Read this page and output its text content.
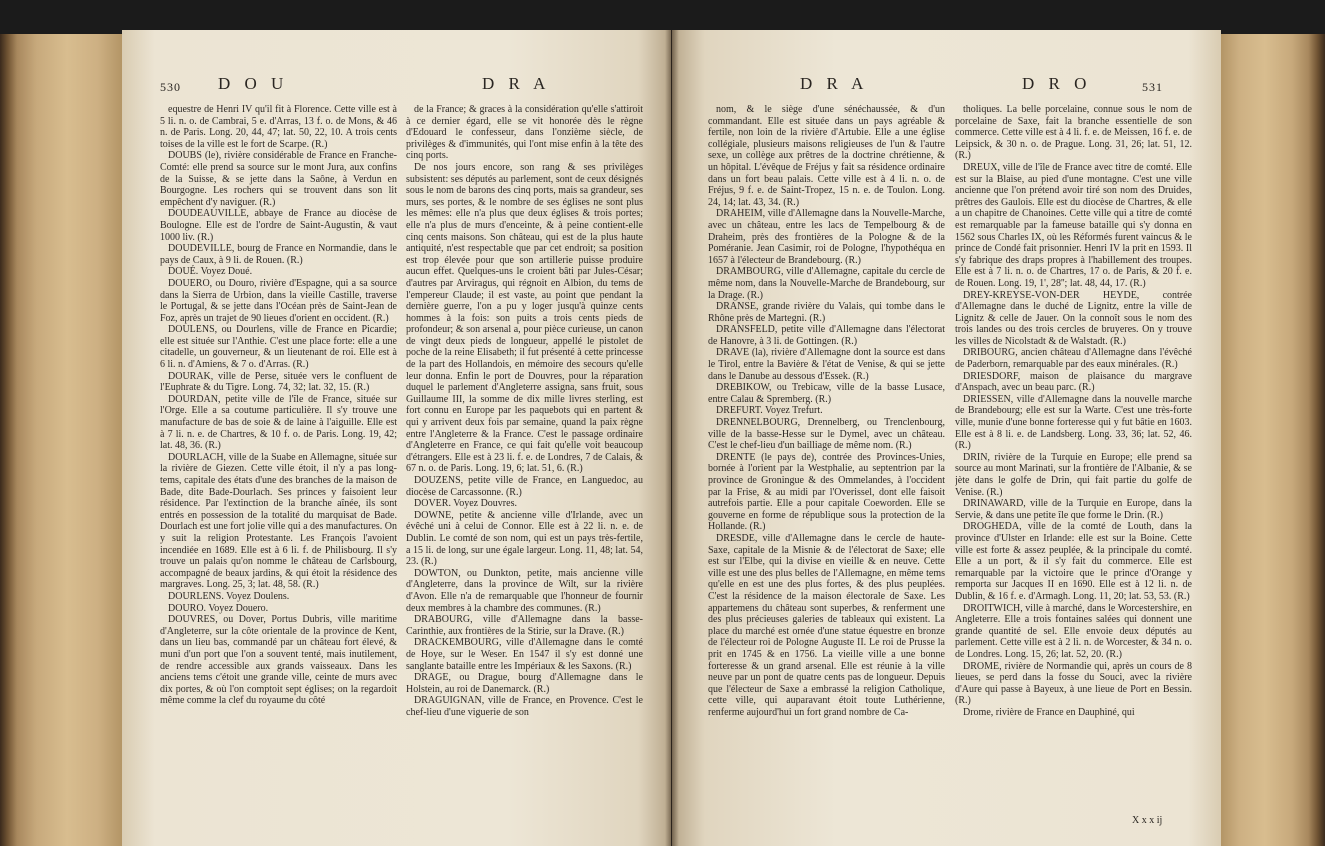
530 D O U	D R A

equestre de Henri IV qu'il fit à Florence. Cette ville est à 5 li. n. o. de Cambrai, 5 e. d'Arras, 13 f. o. de Mons, & 46 n. de Paris. Long. 20, 44, 47; lat. 50, 22, 10. A trois cents toises de la ville est le fort de Scarpe. (R.)

DOUBS (le), rivière considérable de France en Franche-Comté: elle prend sa source sur le mont Jura, aux confins de la Suisse, & se jette dans la Saône, à Verdun en Bourgogne. Les rochers qui se trouvent dans son lit empêchent d'y naviguer. (R.)

DOUDEAUVILLE, abbaye de France au diocèse de Boulogne. Elle est de l'ordre de Saint-Augustin, & vaut 1000 liv. (R.)

DOUDEVILLE, bourg de France en Normandie, dans le pays de Caux, à 9 li. de Rouen. (R.)

DOUÉ. Voyez Doué.

DOUERO, ou Douro, rivière d'Espagne, qui a sa source dans la Sierra de Urbion, dans la vieille Castille, traverse le Portugal, & se jette dans l'Océan près de Saint-Jean de Foz, après un trajet de 90 lieues d'orient en occident. (R.)

DOULENS, ou Dourlens, ville de France en Picardie; elle est située sur l'Anthie. C'est une place forte: elle a une citadelle, un gouverneur, & un lieutenant de roi. Elle est à 6 li. n. d'Amiens, & 7 o. d'Arras. (R.)

DOURAK, ville de Perse, située vers le confluent de l'Euphrate & du Tigre. Long. 74, 32; lat. 32, 15. (R.)

DOURDAN, petite ville de l'île de France, située sur l'Orge. Elle a sa coutume particulière. Il s'y trouve une manufacture de bas de soie & de laine à l'aiguille. Elle est à 7 li. n. e. de Chartres, & 10 f. o. de Paris. Long. 19, 42; lat. 48, 36. (R.)

DOURLACH, ville de la Suabe en Allemagne, située sur la rivière de Giezen. Cette ville étoit, il n'y a pas long-tems, capitale des états d'une des branches de la maison de Bade, dite Bade-Dourlach. Ses princes y faisoient leur résidence. Par l'extinction de la branche aînée, ils sont entrés en possession de la totalité du marquisat de Bade. Dourlach est une fort jolie ville qui a des manufactures. On y suit la religion Protestante. Les François l'avoient incendiée en 1689. Elle est à 6 li. f. de Philisbourg. Il s'y trouve un palais qu'on nomme le château de Carlsbourg, accompagné de beaux jardins, & qui étoit la résidence des margraves. Long. 25, 3; lat. 48, 58. (R.)

DOURLENS. Voyez Doulens.

DOURO. Voyez Douero.

DOUVRES, ou Dover, Portus Dubris, ville maritime d'Angleterre, sur la côte orientale de la province de Kent, dans un lieu bas, commandé par un château fort élevé, & muni d'un port que l'on a souvent tenté, mais inutilement, de rendre accessible aux grands vaisseaux. Dans les anciens tems c'étoit une grande ville, ceinte de murs avec dix portes, & où l'on comptoit sept églises; on la regardoit même comme la clef du royaume du côté

de la France; & graces à la considération qu'elle s'attiroit à ce dernier égard, elle se vit honorée dès le règne d'Edouard le confesseur, dans l'onzième siècle, de privilèges & d'immunités, qui l'ont mise enfin à la tête des cinq ports.

De nos jours encore, son rang & ses privilèges subsistent: ses députés au parlement, sont de ceux désignés sous le nom de barons des cinq ports, mais sa grandeur, ses murs, ses portes, & le nombre de ses églises ne sont plus les mêmes: elle n'a plus que deux églises & trois portes; elle n'a plus de murs d'enceinte, & à peine contient-elle cinq cents maisons. Son château, qui est de la plus haute antiquité, n'est respectable que par cet endroit; sa position est trop élevée pour que son artillerie puisse produire aucun effet. Quelques-uns le croient bâti par Jules-César; d'autres par Arviragus, qui régnoit en Albion, du tems de l'empereur Claude; il est vaste, au point que pendant la dernière guerre, l'on a pu y loger jusqu'à quinze cents hommes à la fois: son puits a trois cents pieds de profondeur; & son arsenal a, pour pièce curieuse, un canon de vingt deux pieds de longueur, appellé le pistolet de poche de la reine Elisabeth; il fut présenté à cette princesse de la part des Hollandois, en mémoire des secours qu'elle leur donna. Enfin le port de Douvres, pour la réparation duquel le parlement d'Angleterre assigna, sans fruit, sous Guillaume III, la somme de dix mille livres sterling, est fort connu en Europe par les paquebots qui en partent & qui y arrivent deux fois par semaine, quand la paix règne entre l'Angleterre & la France. C'est le passage ordinaire d'Angleterre en France, ce qui fait qu'elle voit beaucoup d'étrangers. Elle est à 23 li. f. e. de Londres, 7 de Calais, & 67 n. o. de Paris. Long. 19, 6; lat. 51, 6. (R.)

DOUZENS, petite ville de France, en Languedoc, au diocèse de Carcassonne. (R.)

DOVER. Voyez Douvres.

DOWNE, petite & ancienne ville d'Irlande, avec un évêché uni à celui de Connor. Elle est à 22 li. n. e. de Dublin. Le comté de son nom, qui est un pays très-fertile, a 15 li. de long, sur une égale largeur. Long. 11, 48; lat. 54, 23. (R.)

DOWTON, ou Dunkton, petite, mais ancienne ville d'Angleterre, dans la province de Wilt, sur la rivière d'Avon. Elle n'a de remarquable que l'honneur de fournir deux membres à la chambre des communes. (R.)

DRABOURG, ville d'Allemagne dans la basse-Carinthie, aux frontières de la Stirie, sur la Drave. (R.)

DRACKEMBOURG, ville d'Allemagne dans le comté de Hoye, sur le Weser. En 1547 il s'y est donné une sanglante bataille entre les Impériaux & les Saxons. (R.)

DRAGE, ou Drague, bourg d'Allemagne dans le Holstein, au roi de Danemarck. (R.)

DRAGUIGNAN, ville de France, en Provence. C'est le chef-lieu d'une viguerie de son

D R A	D R O	531

nom, & le siège d'une sénéchaussée, & d'un commandant. Elle est située dans un pays agréable & fertile, non loin de la rivière d'Artubie. Elle a une église collégiale, plusieurs maisons religieuses de l'un & l'autre sexe, un collège aux prêtres de la doctrine chrétienne, & un hôpital. L'évêque de Fréjus y fait sa résidence ordinaire dans un fort beau palais. Cette ville est à 4 li. n. o. de Fréjus, 9 f. e. de Saint-Tropez, 15 n. e. de Toulon. Long. 24, 14; lat. 43, 34. (R.)

DRAHEIM, ville d'Allemagne dans la Nouvelle-Marche, avec un château, entre les lacs de Tempelbourg & de Draheim, près des frontières de la Pologne & de la Poméranie. Jean Casimir, roi de Pologne, l'hypothéqua en 1657 à l'électeur de Brandebourg. (R.)

DRAMBOURG, ville d'Allemagne, capitale du cercle de même nom, dans la Nouvelle-Marche de Brandebourg, sur la Drage. (R.)

DRANSE, grande rivière du Valais, qui tombe dans le Rhône près de Martegni. (R.)

DRANSFELD, petite ville d'Allemagne dans l'électorat de Hanovre, à 3 li. de Gottingen. (R.)

DRAVE (la), rivière d'Allemagne dont la source est dans le Tirol, entre la Bavière & l'état de Venise, & qui se jette dans le Danube au dessous d'Essek. (R.)

DREBIKOW, ou Trebicaw, ville de la basse Lusace, entre Calau & Spremberg. (R.)

DREFURT. Voyez Trefurt.

DRENNELBOURG, Drennelberg, ou Trenclenbourg, ville de la basse-Hesse sur le Dymel, avec un château. C'est le chef-lieu d'un bailliage de même nom. (R.)

DRENTE (le pays de), contrée des Provinces-Unies, bornée à l'orient par la Westphalie, au septentrion par la province de Groningue & des Ommelandes, à l'occident par la Frise, & au midi par l'Overissel, dont elle faisoit autrefois partie. Elle a pour capitale Coeworden. Elle se gouverne en forme de république sous la protection de la Hollande. (R.)

DRESDE, ville d'Allemagne dans le cercle de haute-Saxe, capitale de la Misnie & de l'électorat de Saxe; elle est sur l'Elbe, qui la divise en vieille & en neuve. Cette ville est une des plus belles de l'Allemagne, en même tems qu'elle en est une des plus fortes, & des plus peuplées. C'est la résidence de la maison électorale de Saxe. Les appartemens du château sont superbes, & renferment une des plus précieuses galeries de tableaux qui existent. La place du marché est ornée d'une statue équestre en bronze de l'électeur roi de Pologne Auguste II. Le roi de Prusse la prit en 1745 & en 1756. La vieille ville a une bonne forteresse & un grand arsenal. Elle est réunie à la ville neuve par un pont de quatre cents pas de longueur. Depuis que l'électeur de Saxe a embrassé la religion Catholique, cette ville, qui auparavant étoit toute Luthérienne, renferme aujourd'hui un fort grand nombre de Ca-

tholiques. La belle porcelaine, connue sous le nom de porcelaine de Saxe, fait la branche essentielle de son commerce. Cette ville est à 4 li. f. e. de Meissen, 16 f. e. de Leipsick, & 30 n. o. de Prague. Long. 31, 26; lat. 51, 12. (R.)

DREUX, ville de l'île de France avec titre de comté. Elle est sur la Blaise, au pied d'une montagne. C'est une ville ancienne que l'on prétend avoir tiré son nom des Druides, prêtres des Gaulois. Elle est du diocèse de Chartres, & elle a un chapitre de Chanoines. Cette ville qui a titre de comté est remarquable par la fameuse bataille qui s'y donna en 1562 sous Charles IX, où les Réformés furent vaincus & le prince de Condé fait prisonnier. Henri IV la prit en 1593. Il s'y fabrique des draps propres à l'habillement des troupes. Elle est à 7 li. n. o. de Chartres, 17 o. de Paris, & 20 f. e. de Rouen. Long. 19, 1', 28''; lat. 48, 44, 17. (R.)

DREY-KREYSE-VON-DER HEYDE, contrée d'Allemagne dans le duché de Lignitz, entre la ville de Lignitz & celle de Jauer. On la connoît sous le nom des trois landes ou des trois cercles de bruyeres. On y trouve les villes de Nicolstadt & de Walstadt. (R.)

DRIBOURG, ancien château d'Allemagne dans l'évêché de Paderborn, remarquable par des eaux minérales. (R.)

DRIESDORF, maison de plaisance du margrave d'Anspach, avec un beau parc. (R.)

DRIESSEN, ville d'Allemagne dans la nouvelle marche de Brandebourg; elle est sur la Warte. C'est une très-forte ville, munie d'une bonne forteresse qui y fut bâtie en 1603. Elle est à 8 li. e. de Landsberg. Long. 33, 36; lat. 52, 46. (R.)

DRIN, rivière de la Turquie en Europe; elle prend sa source au mont Marinati, sur la frontière de l'Albanie, & se jète dans le golfe de Drin, qui fait partie du golfe de Venise. (R.)

DRINAWARD, ville de la Turquie en Europe, dans la Servie, & dans une petite île que forme le Drin. (R.)

DROGHEDA, ville de la comté de Louth, dans la province d'Ulster en Irlande: elle est sur la Boine. Cette ville est forte & assez peuplée, & la principale du comté. Elle a un port, & il s'y fait du commerce. Elle est remarquable par la victoire que le prince d'Orange y remporta sur Jacques II en 1690. Elle est à 12 li. n. de Dublin, & 16 f. e. d'Armagh. Long. 11, 20; lat. 53, 53. (R.)

DROITWICH, ville à marché, dans le Worcestershire, en Angleterre. Elle a trois fontaines salées qui donnent une grande quantité de sel. Elle envoie deux députés au parlement. Cette ville est à 2 li. n. de Worcester, & 34 n. o. de Londres. Long. 15, 26; lat. 52, 20. (R.)

DROME, rivière de Normandie qui, après un cours de 8 lieues, se perd dans la fosse du Souci, avec la rivière d'Aure qui passe à Bayeux, à une lieue de Port en Bessin. (R.)

Drome, rivière de France en Dauphiné, qui

X x x ij
